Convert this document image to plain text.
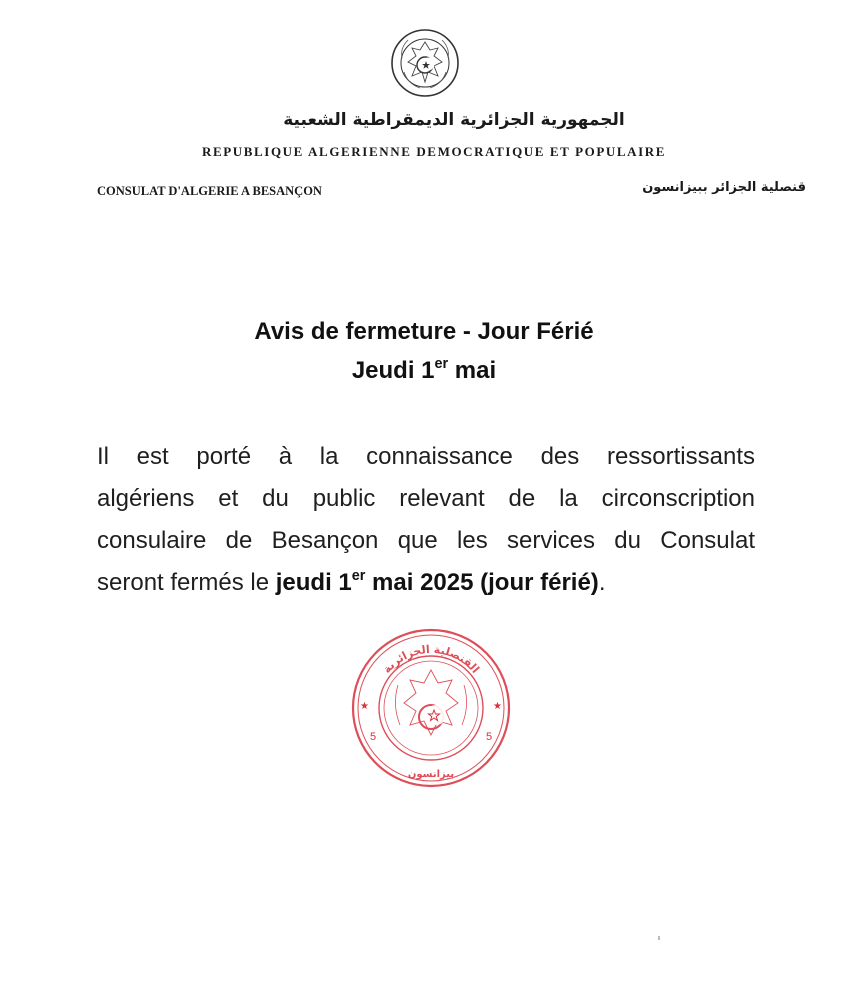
الجمهورية الجزائرية الديمقراطية الشعبية
REPUBLIQUE ALGERIENNE DEMOCRATIQUE ET POPULAIRE
CONSULAT D'ALGERIE A BESANÇON	قنصلية الجزائر ببيزانسون
Avis de fermeture - Jour Férié
Jeudi 1er mai
Il est porté à la connaissance des ressortissants
algériens et du public relevant de la circonscription
consulaire de Besançon que les services du Consulat
seront fermés le jeudi 1er mai 2025 (jour férié).
القنصلية الجزائرية
بيزانسون
5	5
★	★
